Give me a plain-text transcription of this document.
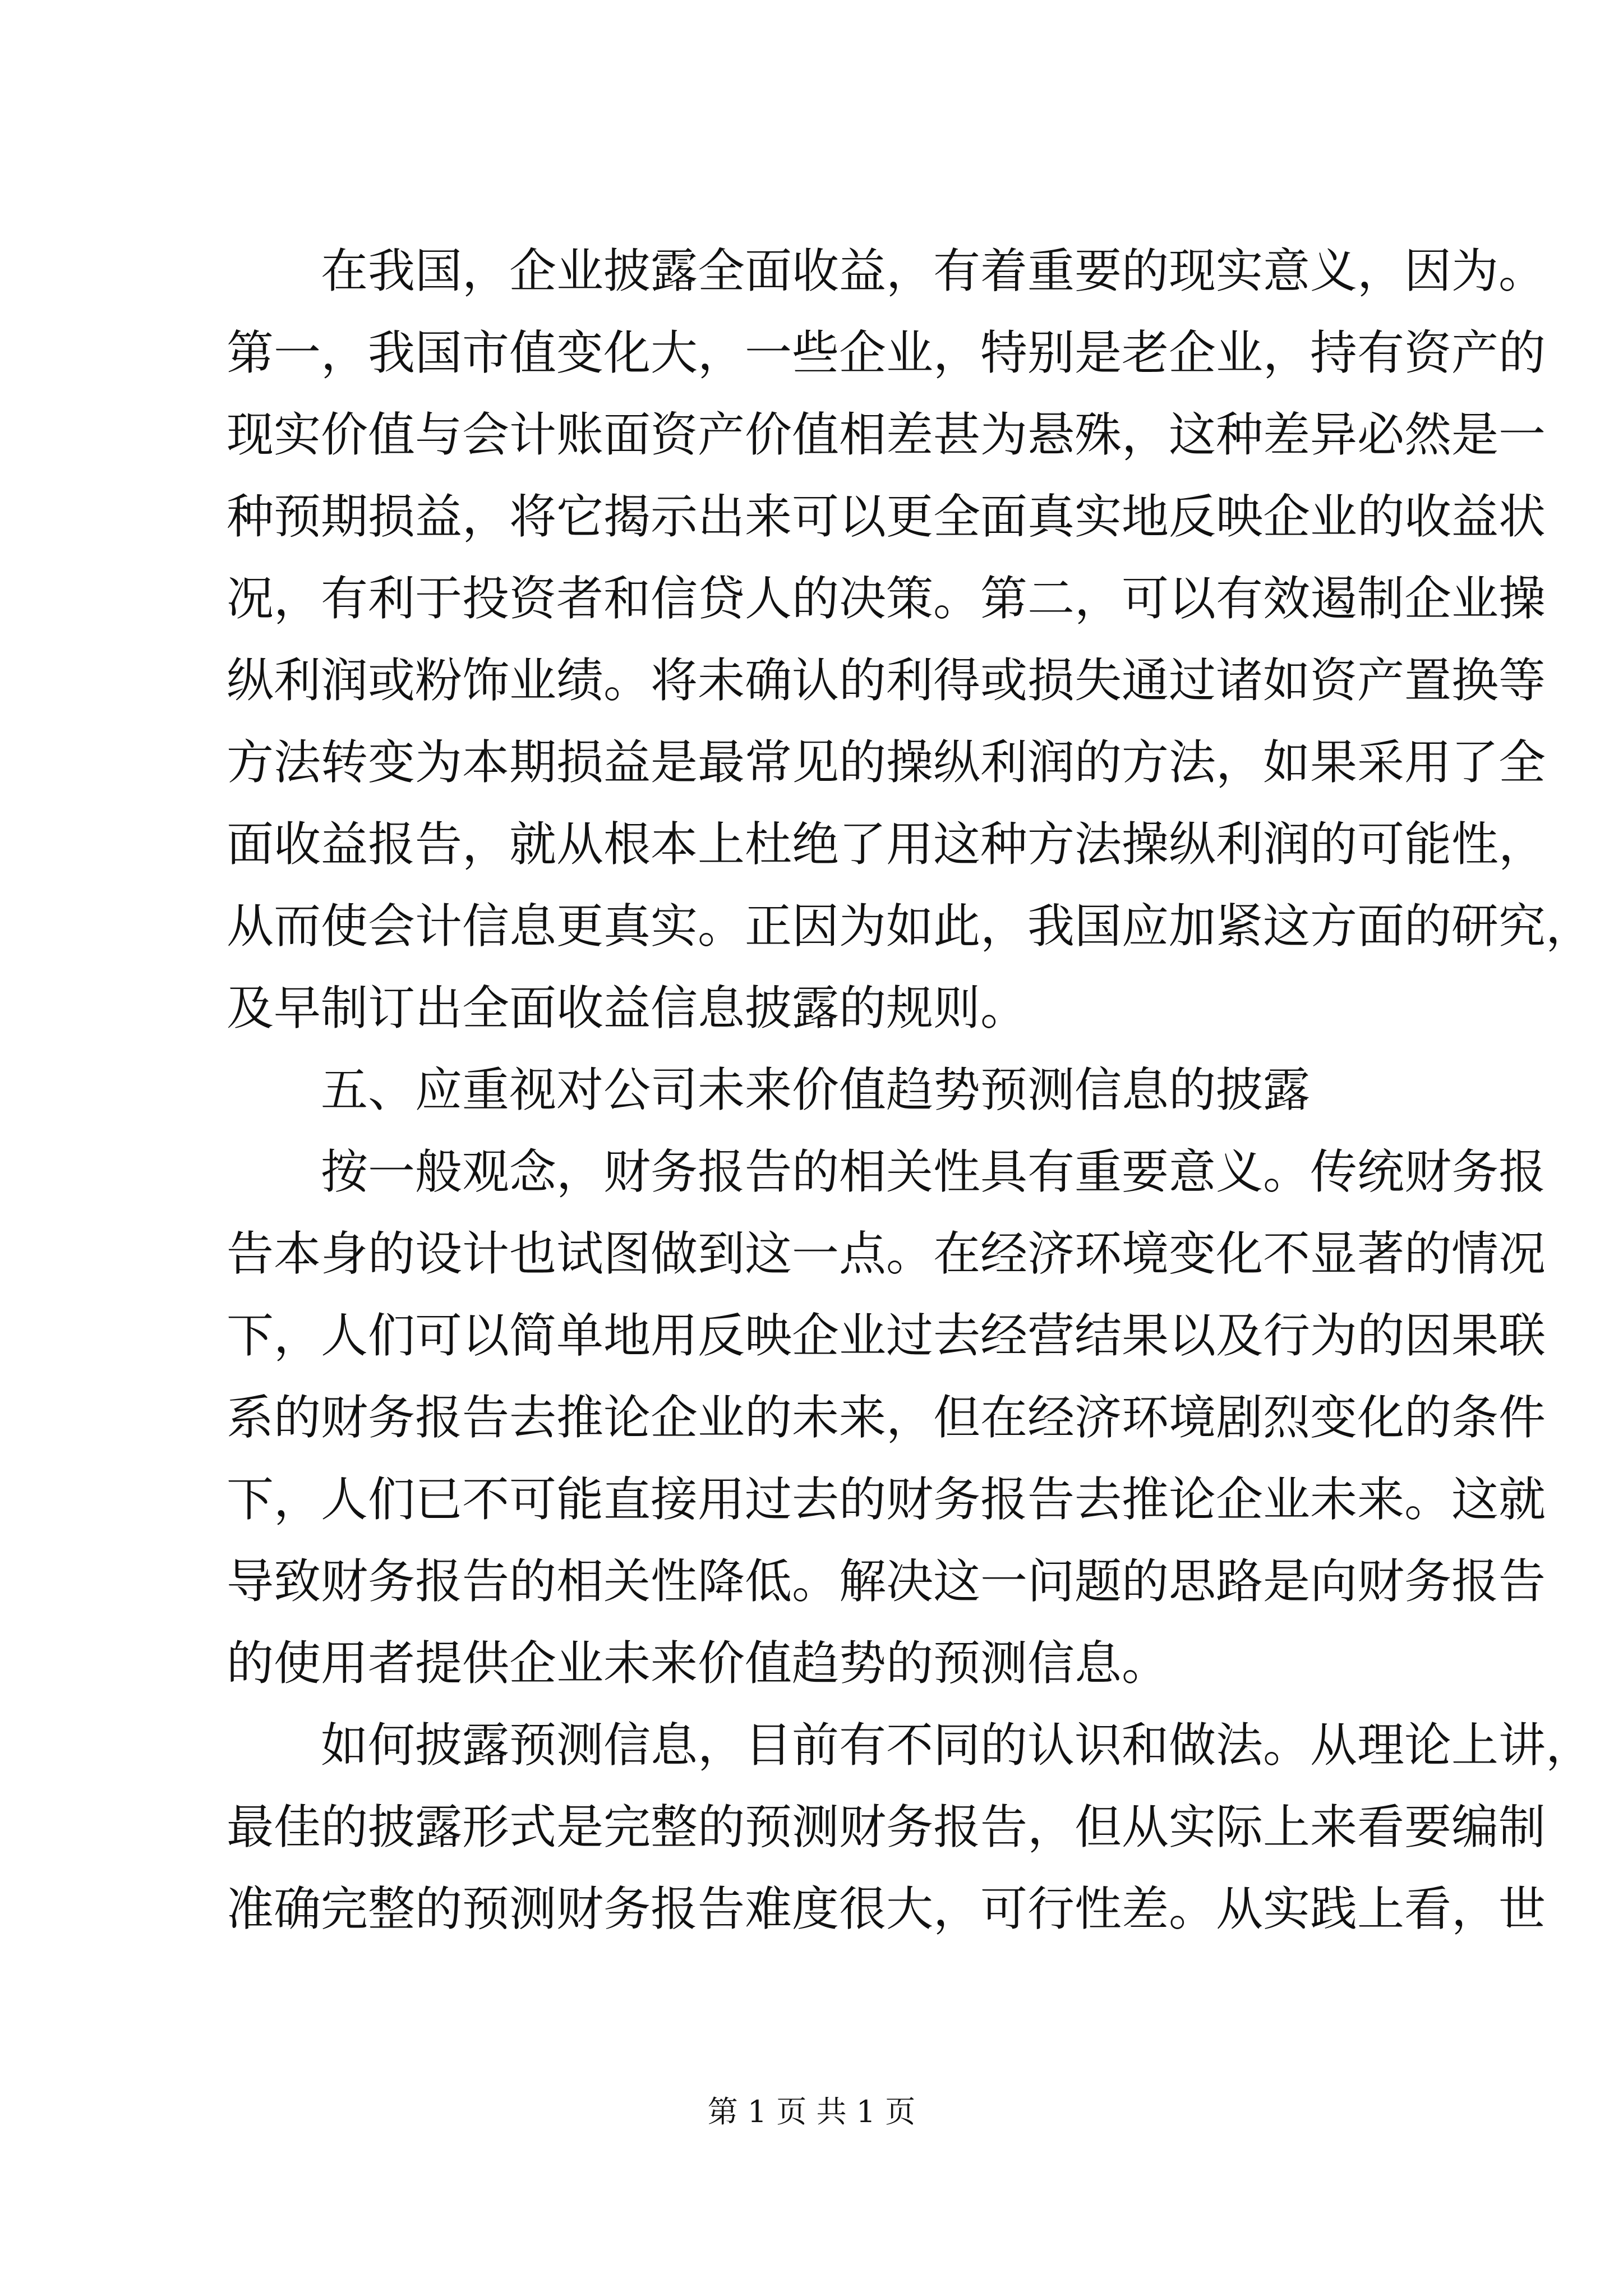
在我国，企业披露全面收益，有着重要的现实意义，因为。
第一，我国市值变化大，一些企业，特别是老企业，持有资产的
现实价值与会计账面资产价值相差甚为悬殊，这种差异必然是一
种预期损益，将它揭示出来可以更全面真实地反映企业的收益状
况，有利于投资者和信贷人的决策。第二，可以有效遏制企业操
纵利润或粉饰业绩。将未确认的利得或损失通过诸如资产置换等
方法转变为本期损益是最常见的操纵利润的方法，如果采用了全
面收益报告，就从根本上杜绝了用这种方法操纵利润的可能性，
从而使会计信息更真实。正因为如此，我国应加紧这方面的研究，
及早制订出全面收益信息披露的规则。
五、应重视对公司未来价值趋势预测信息的披露
按一般观念，财务报告的相关性具有重要意义。传统财务报
告本身的设计也试图做到这一点。在经济环境变化不显著的情况
下，人们可以简单地用反映企业过去经营结果以及行为的因果联
系的财务报告去推论企业的未来，但在经济环境剧烈变化的条件
下，人们已不可能直接用过去的财务报告去推论企业未来。这就
导致财务报告的相关性降低。解决这一问题的思路是向财务报告
的使用者提供企业未来价值趋势的预测信息。
如何披露预测信息，目前有不同的认识和做法。从理论上讲，
最佳的披露形式是完整的预测财务报告，但从实际上来看要编制
准确完整的预测财务报告难度很大，可行性差。从实践上看，世
第 1 页 共 1 页
